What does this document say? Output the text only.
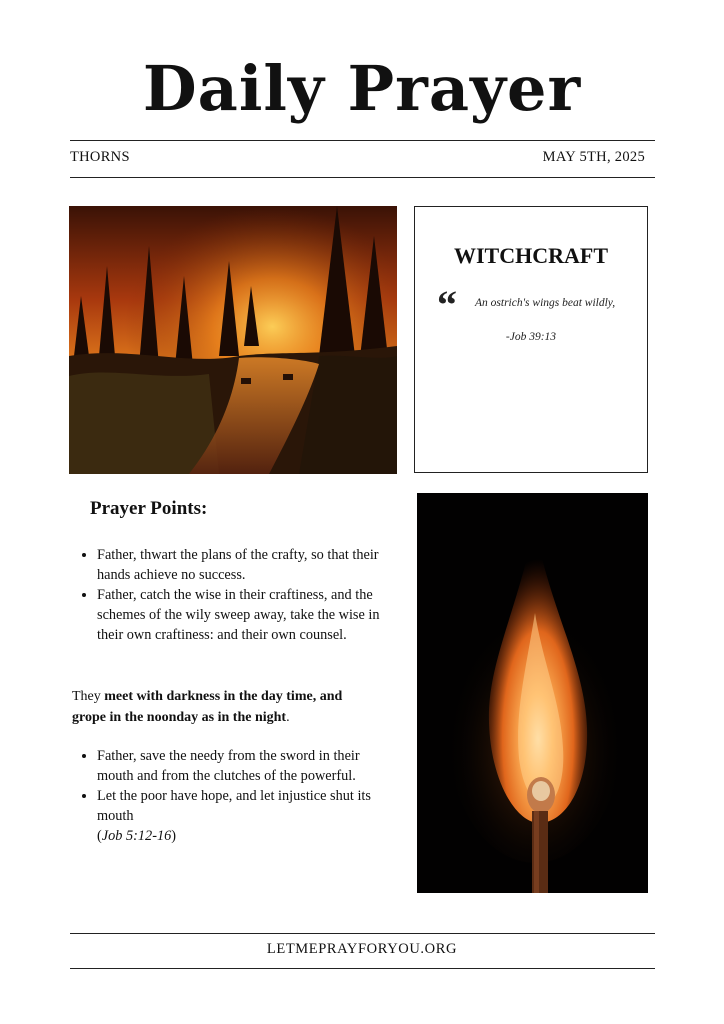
Daily Prayer
THORNS	MAY 5TH, 2025
WITCHCRAFT
“ An ostrich's wings beat wildly,
-Job 39:13
Prayer Points:
• Father, thwart the plans of the crafty, so that their hands achieve no success.
• Father, catch the wise in their craftiness, and the schemes of the wily sweep away, take the wise in their own craftiness: and their own counsel.
They meet with darkness in the day time, and grope in the noonday as in the night.
• Father, save the needy from the sword in their mouth and from the clutches of the powerful.
• Let the poor have hope, and let injustice shut its mouth
(Job 5:12-16)
LETMEPRAYFORYOU.ORG
